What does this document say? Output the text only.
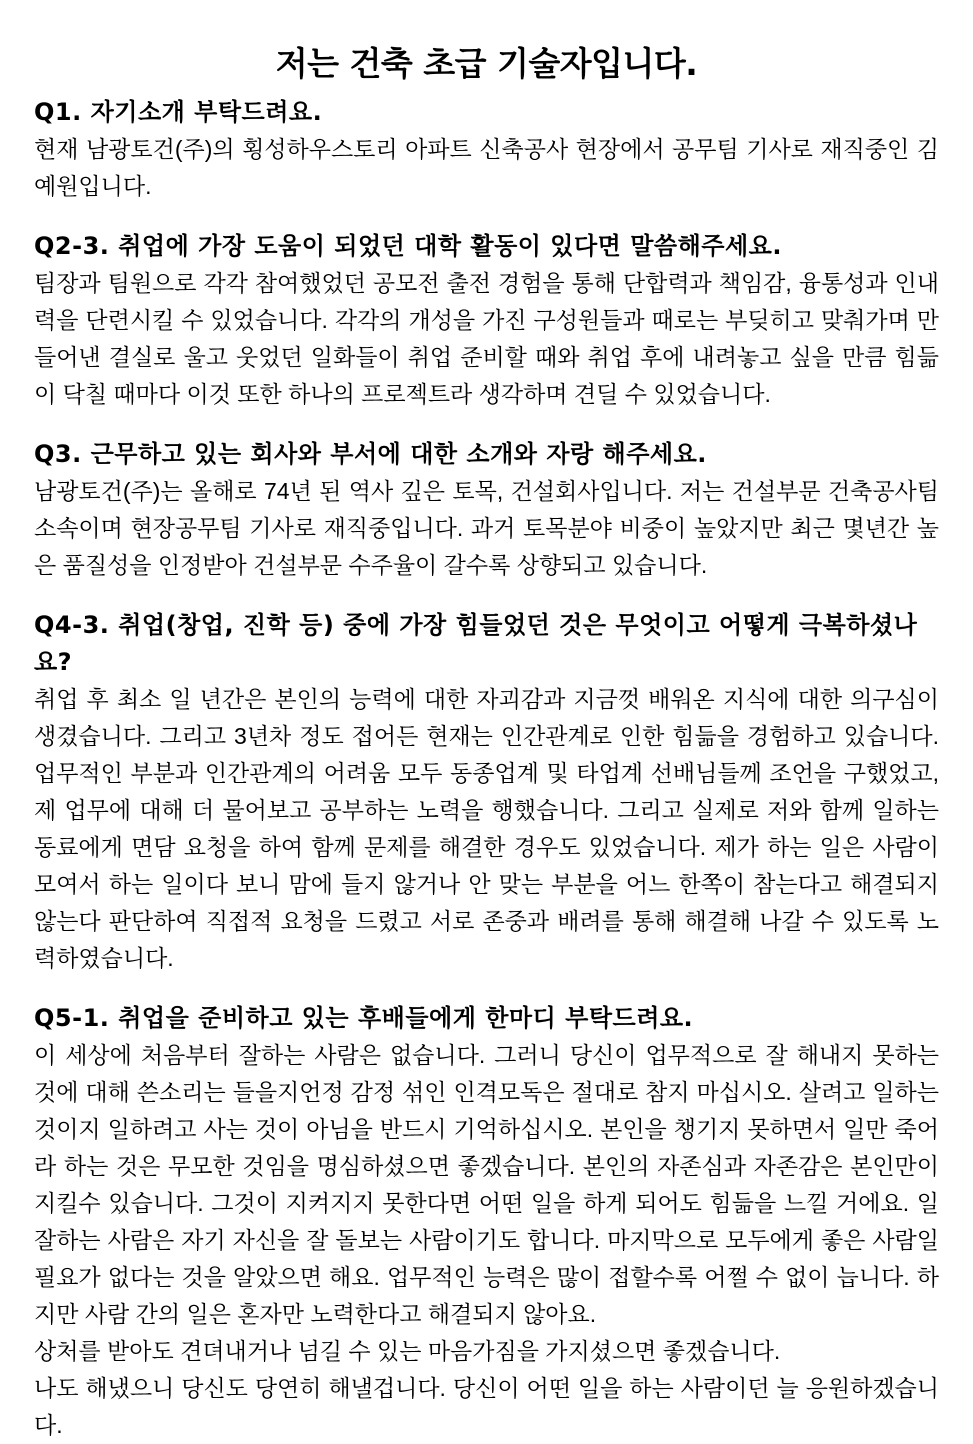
저는 건축 초급 기술자입니다.
Q1. 자기소개 부탁드려요.

현재 남광토건(주)의 횡성하우스토리 아파트 신축공사 현장에서 공무팀 기사로 재직중인 김예원입니다.

Q2-3. 취업에 가장 도움이 되었던 대학 활동이 있다면 말씀해주세요.

팀장과 팀원으로 각각 참여했었던 공모전 출전 경험을 통해 단합력과 책임감, 융통성과 인내력을 단련시킬 수 있었습니다. 각각의 개성을 가진 구성원들과 때로는 부딪히고 맞춰가며 만들어낸 결실로 울고 웃었던 일화들이 취업 준비할 때와 취업 후에 내려놓고 싶을 만큼 힘듦이 닥칠 때마다 이것 또한 하나의 프로젝트라 생각하며 견딜 수 있었습니다.

Q3. 근무하고 있는 회사와 부서에 대한 소개와 자랑 해주세요.

남광토건(주)는 올해로 74년 된 역사 깊은 토목, 건설회사입니다. 저는 건설부문 건축공사팀 소속이며 현장공무팀 기사로 재직중입니다. 과거 토목분야 비중이 높았지만 최근 몇년간 높은 품질성을 인정받아 건설부문 수주율이 갈수록 상향되고 있습니다.

Q4-3. 취업(창업, 진학 등) 중에 가장 힘들었던 것은 무엇이고 어떻게 극복하셨나요?

취업 후 최소 일 년간은 본인의 능력에 대한 자괴감과 지금껏 배워온 지식에 대한 의구심이 생겼습니다. 그리고 3년차 정도 접어든 현재는 인간관계로 인한 힘듦을 경험하고 있습니다. 업무적인 부분과 인간관계의 어려움 모두 동종업계 및 타업계 선배님들께 조언을 구했었고, 제 업무에 대해 더 물어보고 공부하는 노력을 행했습니다. 그리고 실제로 저와 함께 일하는 동료에게 면담 요청을 하여 함께 문제를 해결한 경우도 있었습니다. 제가 하는 일은 사람이 모여서 하는 일이다 보니 맘에 들지 않거나 안 맞는 부분을 어느 한쪽이 참는다고 해결되지 않는다 판단하여 직접적 요청을 드렸고 서로 존중과 배려를 통해 해결해 나갈 수 있도록 노력하였습니다.

Q5-1. 취업을 준비하고 있는 후배들에게 한마디 부탁드려요.

이 세상에 처음부터 잘하는 사람은 없습니다. 그러니 당신이 업무적으로 잘 해내지 못하는 것에 대해 쓴소리는 들을지언정 감정 섞인 인격모독은 절대로 참지 마십시오. 살려고 일하는 것이지 일하려고 사는 것이 아님을 반드시 기억하십시오. 본인을 챙기지 못하면서 일만 죽어라 하는 것은 무모한 것임을 명심하셨으면 좋겠습니다. 본인의 자존심과 자존감은 본인만이 지킬수 있습니다. 그것이 지켜지지 못한다면 어떤 일을 하게 되어도 힘듦을 느낄 거에요. 일 잘하는 사람은 자기 자신을 잘 돌보는 사람이기도 합니다. 마지막으로 모두에게 좋은 사람일 필요가 없다는 것을 알았으면 해요. 업무적인 능력은 많이 접할수록 어쩔 수 없이 늡니다. 하지만 사람 간의 일은 혼자만 노력한다고 해결되지 않아요.

상처를 받아도 견뎌내거나 넘길 수 있는 마음가짐을 가지셨으면 좋겠습니다.

나도 해냈으니 당신도 당연히 해낼겁니다. 당신이 어떤 일을 하는 사람이던 늘 응원하겠습니다.
